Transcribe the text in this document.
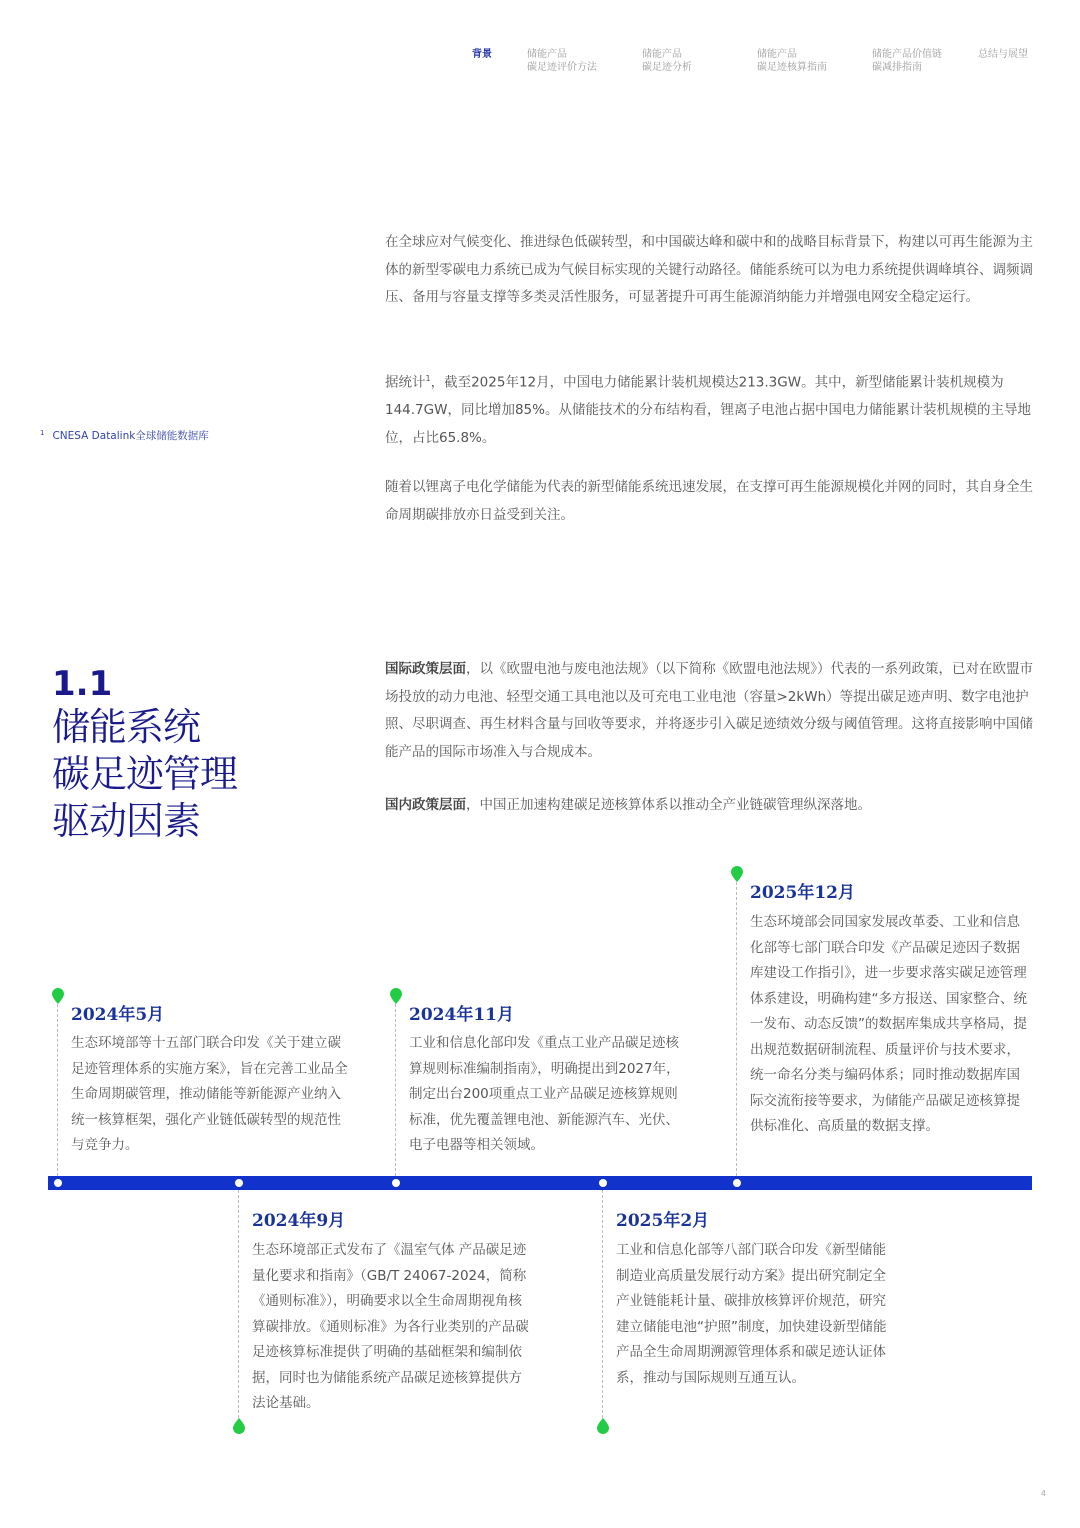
背景	储能产品
碳足迹评价方法
储能产品
碳足迹分析
储能产品
碳足迹核算指南
储能产品价值链
碳减排指南
总结与展望

在全球应对气候变化、推进绿色低碳转型，和中国碳达峰和碳中和的战略目标背景下，构建以可再生能源为主体的新型零碳电力系统已成为气候目标实现的关键行动路径。储能系统可以为电力系统提供调峰填谷、调频调压、备用与容量支撑等多类灵活性服务，可显著提升可再生能源消纳能力并增强电网安全稳定运行。

据统计$^1$，截至2025年12月，中国电力储能累计装机规模达213.3GW。其中，新型储能累计装机规模为144.7GW，同比增加85%。从储能技术的分布结构看，锂离子电池占据中国电力储能累计装机规模的主导地位，占比65.8%。

随着以锂离子电化学储能为代表的新型储能系统迅速发展，在支撑可再生能源规模化并网的同时，其自身全生命周期碳排放亦日益受到关注。

$^1$ CNESA Datalink全球储能数据库
1.1
储能系统
碳足迹管理
驱动因素

国际政策层面，以《欧盟电池与废电池法规》（以下简称《欧盟电池法规》）代表的一系列政策，已对在欧盟市场投放的动力电池、轻型交通工具电池以及可充电工业电池（容量>2kWh）等提出碳足迹声明、数字电池护照、尽职调查、再生材料含量与回收等要求，并将逐步引入碳足迹绩效分级与阈值管理。这将直接影响中国储能产品的国际市场准入与合规成本。

国内政策层面，中国正加速构建碳足迹核算体系以推动全产业链碳管理纵深落地。

2024年5月
生态环境部等十五部门联合印发《关于建立碳足迹管理体系的实施方案》，旨在完善工业品全生命周期碳管理，推动储能等新能源产业纳入统一核算框架，强化产业链低碳转型的规范性与竞争力。
2024年11月
工业和信息化部印发《重点工业产品碳足迹核算规则标准编制指南》，明确提出到2027年，制定出台200项重点工业产品碳足迹核算规则标准，优先覆盖锂电池、新能源汽车、光伏、电子电器等相关领域。
2025年12月
生态环境部会同国家发展改革委、工业和信息化部等七部门联合印发《产品碳足迹因子数据库建设工作指引》，进一步要求落实碳足迹管理体系建设，明确构建“多方报送、国家整合、统一发布、动态反馈”的数据库集成共享格局，提出规范数据研制流程、质量评价与技术要求，统一命名分类与编码体系；同时推动数据库国际交流衔接等要求，为储能产品碳足迹核算提供标准化、高质量的数据支撑。
2024年9月
生态环境部正式发布了《温室气体 产品碳足迹量化要求和指南》（GB/T 24067-2024，简称《通则标准》），明确要求以全生命周期视角核算碳排放。《通则标准》为各行业类别的产品碳足迹核算标准提供了明确的基础框架和编制依据，同时也为储能系统产品碳足迹核算提供方法论基础。
2025年2月
工业和信息化部等八部门联合印发《新型储能制造业高质量发展行动方案》提出研究制定全产业链能耗计量、碳排放核算评价规范，研究建立储能电池“护照”制度，加快建设新型储能产品全生命周期溯源管理体系和碳足迹认证体系，推动与国际规则互通互认。
4
